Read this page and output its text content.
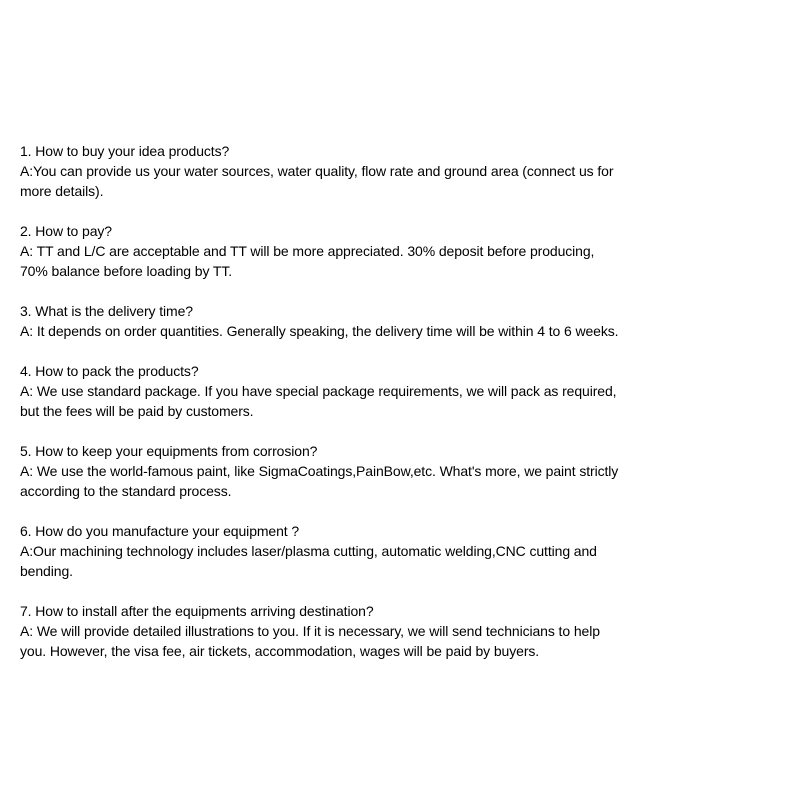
1. How to buy your idea products?
A:You can provide us your water sources, water quality, flow rate and ground area (connect us for
more details).
2. How to pay?
A: TT and L/C are acceptable and TT will be more appreciated. 30% deposit before producing,
70% balance before loading by TT.
3. What is the delivery time?
A: It depends on order quantities. Generally speaking, the delivery time will be within 4 to 6 weeks.
4. How to pack the products?
A: We use standard package. If you have special package requirements, we will pack as required,
but the fees will be paid by customers.
5. How to keep your equipments from corrosion?
A: We use the world-famous paint, like SigmaCoatings,PainBow,etc. What's more, we paint strictly
according to the standard process.
6. How do you manufacture your equipment ?
A:Our machining technology includes laser/plasma cutting, automatic welding,CNC cutting and
bending.
7. How to install after the equipments arriving destination?
A: We will provide detailed illustrations to you. If it is necessary, we will send technicians to help
you. However, the visa fee, air tickets, accommodation, wages will be paid by buyers.
